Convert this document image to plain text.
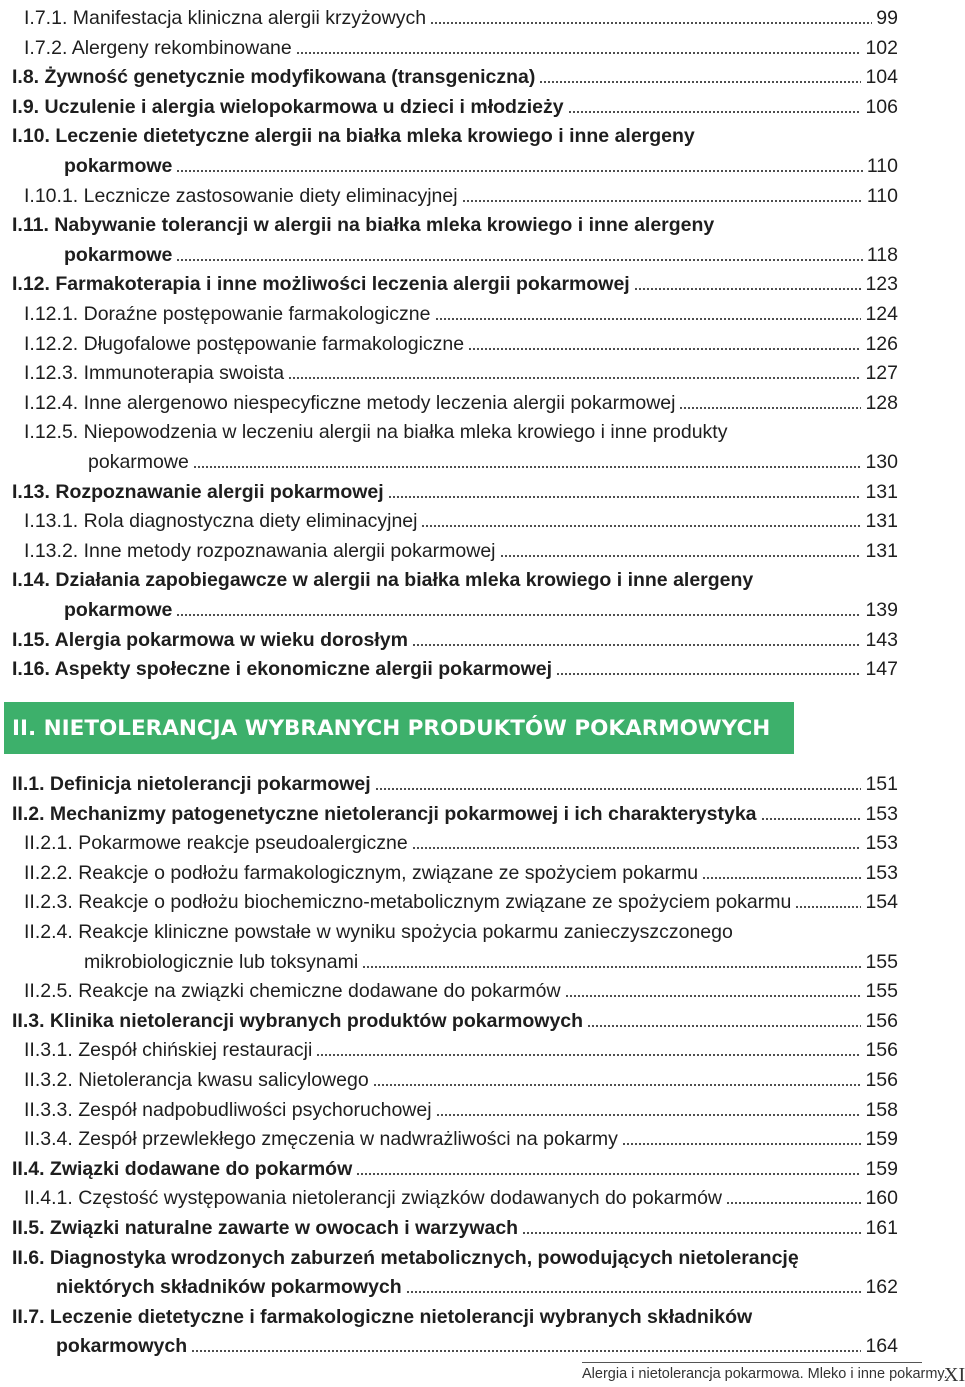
I.7.1. Manifestacja kliniczna alergii krzyżowych	99
I.7.2. Alergeny rekombinowane	102
I.8. Żywność genetycznie modyfikowana (transgeniczna)	104
I.9. Uczulenie i alergia wielopokarmowa u dzieci i młodzieży	106
I.10. Leczenie dietetyczne alergii na białka mleka krowiego i inne alergeny
pokarmowe	110
I.10.1. Lecznicze zastosowanie diety eliminacyjnej	110
I.11. Nabywanie tolerancji w alergii na białka mleka krowiego i inne alergeny
pokarmowe	118
I.12. Farmakoterapia i inne możliwości leczenia alergii pokarmowej	123
I.12.1. Doraźne postępowanie farmakologiczne	124
I.12.2. Długofalowe postępowanie farmakologiczne	126
I.12.3. Immunoterapia swoista	127
I.12.4. Inne alergenowo niespecyficzne metody leczenia alergii pokarmowej	128
I.12.5. Niepowodzenia w leczeniu alergii na białka mleka krowiego i inne produkty
pokarmowe	130
I.13. Rozpoznawanie alergii pokarmowej	131
I.13.1. Rola diagnostyczna diety eliminacyjnej	131
I.13.2. Inne metody rozpoznawania alergii pokarmowej	131
I.14. Działania zapobiegawcze w alergii na białka mleka krowiego i inne alergeny
pokarmowe	139
I.15. Alergia pokarmowa w wieku dorosłym	143
I.16. Aspekty społeczne i ekonomiczne alergii pokarmowej	147
II. NIETOLERANCJA WYBRANYCH PRODUKTÓW POKARMOWYCH
II.1. Definicja nietolerancji pokarmowej	151
II.2. Mechanizmy patogenetyczne nietolerancji pokarmowej i ich charakterystyka	153
II.2.1. Pokarmowe reakcje pseudoalergiczne	153
II.2.2. Reakcje o podłożu farmakologicznym, związane ze spożyciem pokarmu	153
II.2.3. Reakcje o podłożu biochemiczno-metabolicznym związane ze spożyciem pokarmu	154
II.2.4. Reakcje kliniczne powstałe w wyniku spożycia pokarmu zanieczyszczonego
mikrobiologicznie lub toksynami	155
II.2.5. Reakcje na związki chemiczne dodawane do pokarmów	155
II.3. Klinika nietolerancji wybranych produktów pokarmowych	156
II.3.1. Zespół chińskiej restauracji	156
II.3.2. Nietolerancja kwasu salicylowego	156
II.3.3. Zespół nadpobudliwości psychoruchowej	158
II.3.4. Zespół przewlekłego zmęczenia w nadwrażliwości na pokarmy	159
II.4. Związki dodawane do pokarmów	159
II.4.1. Częstość występowania nietolerancji związków dodawanych do pokarmów	160
II.5. Związki naturalne zawarte w owocach i warzywach	161
II.6. Diagnostyka wrodzonych zaburzeń metabolicznych, powodujących nietolerancję
niektórych składników pokarmowych	162
II.7. Leczenie dietetyczne i farmakologiczne nietolerancji wybranych składników
pokarmowych	164
Alergia i nietolerancja pokarmowa. Mleko i inne pokarmy.
XI
